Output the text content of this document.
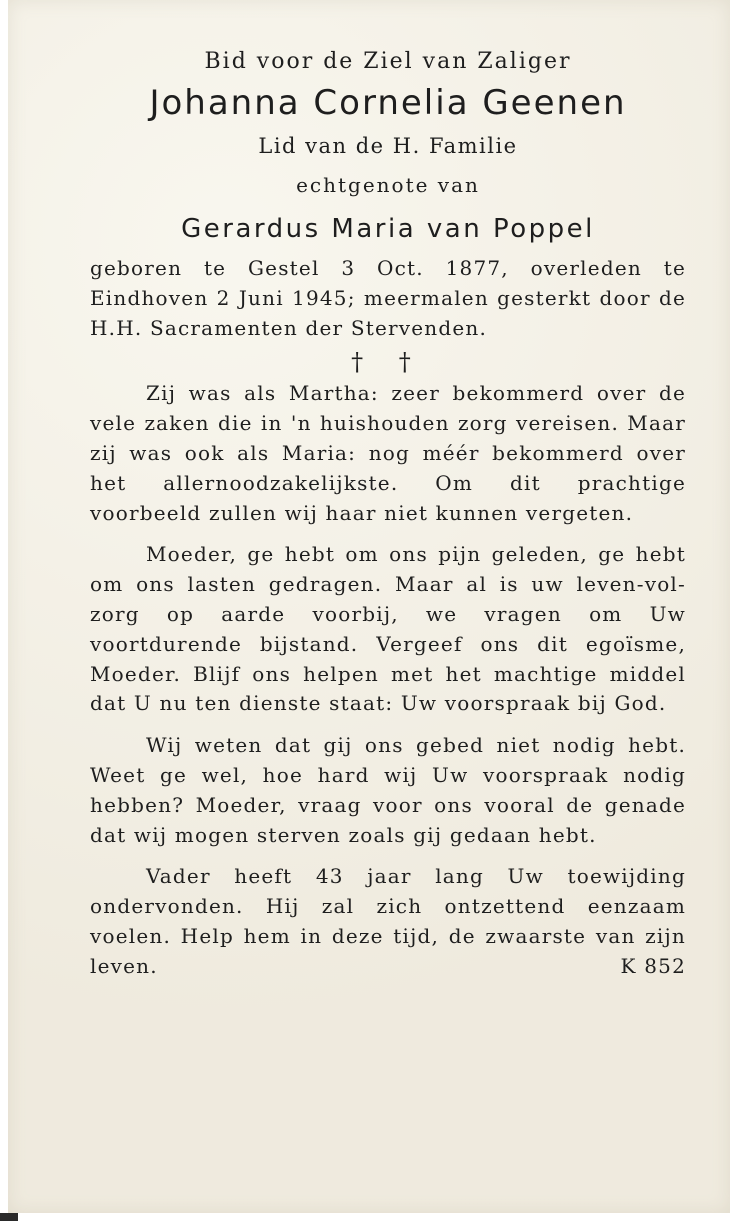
Bid voor de Ziel van Zaliger

Johanna Cornelia Geenen

Lid van de H. Familie

echtgenote van

Gerardus Maria van Poppel

geboren te Gestel 3 Oct. 1877, overleden te Eindhoven 2 Juni 1945; meermalen gesterkt door de H.H. Sacramenten der Stervenden.

† †

Zij was als Martha: zeer bekommerd over de vele zaken die in 'n huishouden zorg vereisen. Maar zij was ook als Maria: nog méér bekommerd over het allernoodzakelijkste. Om dit prachtige voorbeeld zullen wij haar niet kunnen vergeten.

Moeder, ge hebt om ons pijn geleden, ge hebt om ons lasten gedragen. Maar al is uw leven-vol-zorg op aarde voorbij, we vragen om Uw voortdurende bijstand. Vergeef ons dit egoïsme, Moeder. Blijf ons helpen met het machtige middel dat U nu ten dienste staat: Uw voorspraak bij God.

Wij weten dat gij ons gebed niet nodig hebt. Weet ge wel, hoe hard wij Uw voorspraak nodig hebben? Moeder, vraag voor ons vooral de genade dat wij mogen sterven zoals gij gedaan hebt.

Vader heeft 43 jaar lang Uw toewijding ondervonden. Hij zal zich ontzettend eenzaam voelen. Help hem in deze tijd, de zwaarste van zijn leven.	K 852
